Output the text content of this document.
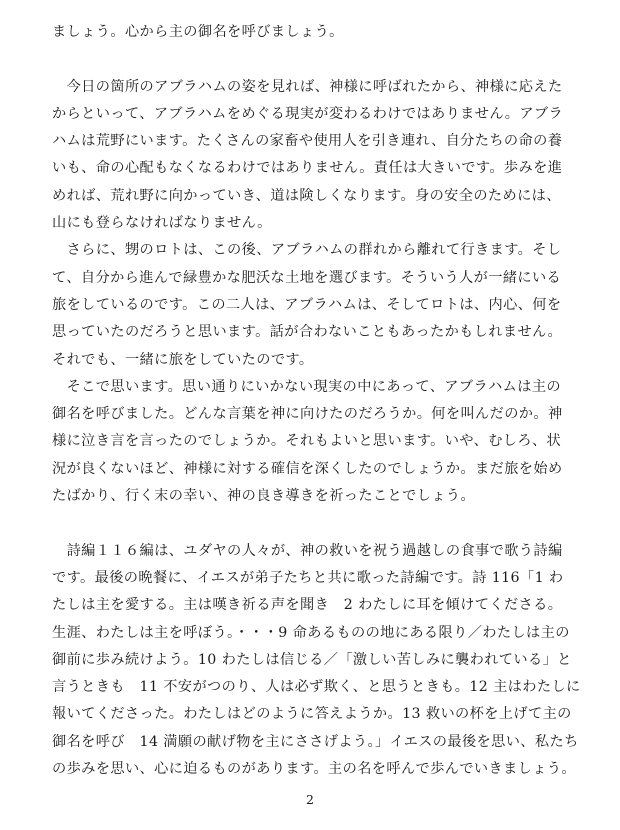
ましょう。心から主の御名を呼びましょう。
　今日の箇所のアブラハムの姿を見れば、神様に呼ばれたから、神様に応えた
からといって、アブラハムをめぐる現実が変わるわけではありません。アブラ
ハムは荒野にいます。たくさんの家畜や使用人を引き連れ、自分たちの命の養
いも、命の心配もなくなるわけではありません。責任は大きいです。歩みを進
めれば、荒れ野に向かっていき、道は険しくなります。身の安全のためには、
山にも登らなければなりません。
　さらに、甥のロトは、この後、アブラハムの群れから離れて行きます。そし
て、自分から進んで緑豊かな肥沃な土地を選びます。そういう人が一緒にいる
旅をしているのです。この二人は、アブラハムは、そしてロトは、内心、何を
思っていたのだろうと思います。話が合わないこともあったかもしれません。
それでも、一緒に旅をしていたのです。
　そこで思います。思い通りにいかない現実の中にあって、アブラハムは主の
御名を呼びました。どんな言葉を神に向けたのだろうか。何を叫んだのか。神
様に泣き言を言ったのでしょうか。それもよいと思います。いや、むしろ、状
況が良くないほど、神様に対する確信を深くしたのでしょうか。まだ旅を始め
たばかり、行く末の幸い、神の良き導きを祈ったことでしょう。
　詩編１１６編は、ユダヤの人々が、神の救いを祝う過越しの食事で歌う詩編
です。最後の晩餐に、イエスが弟子たちと共に歌った詩編です。詩 116「1 わ
たしは主を愛する。主は嘆き祈る声を聞き　2 わたしに耳を傾けてくださる。
生涯、わたしは主を呼ぼう。・・・9 命あるものの地にある限り／わたしは主の
御前に歩み続けよう。10 わたしは信じる／「激しい苦しみに襲われている」と
言うときも　11 不安がつのり、人は必ず欺く、と思うときも。12 主はわたしに
報いてくださった。わたしはどのように答えようか。13 救いの杯を上げて主の
御名を呼び　14 満願の献げ物を主にささげよう。」イエスの最後を思い、私たち
の歩みを思い、心に迫るものがあります。主の名を呼んで歩んでいきましょう。
2
